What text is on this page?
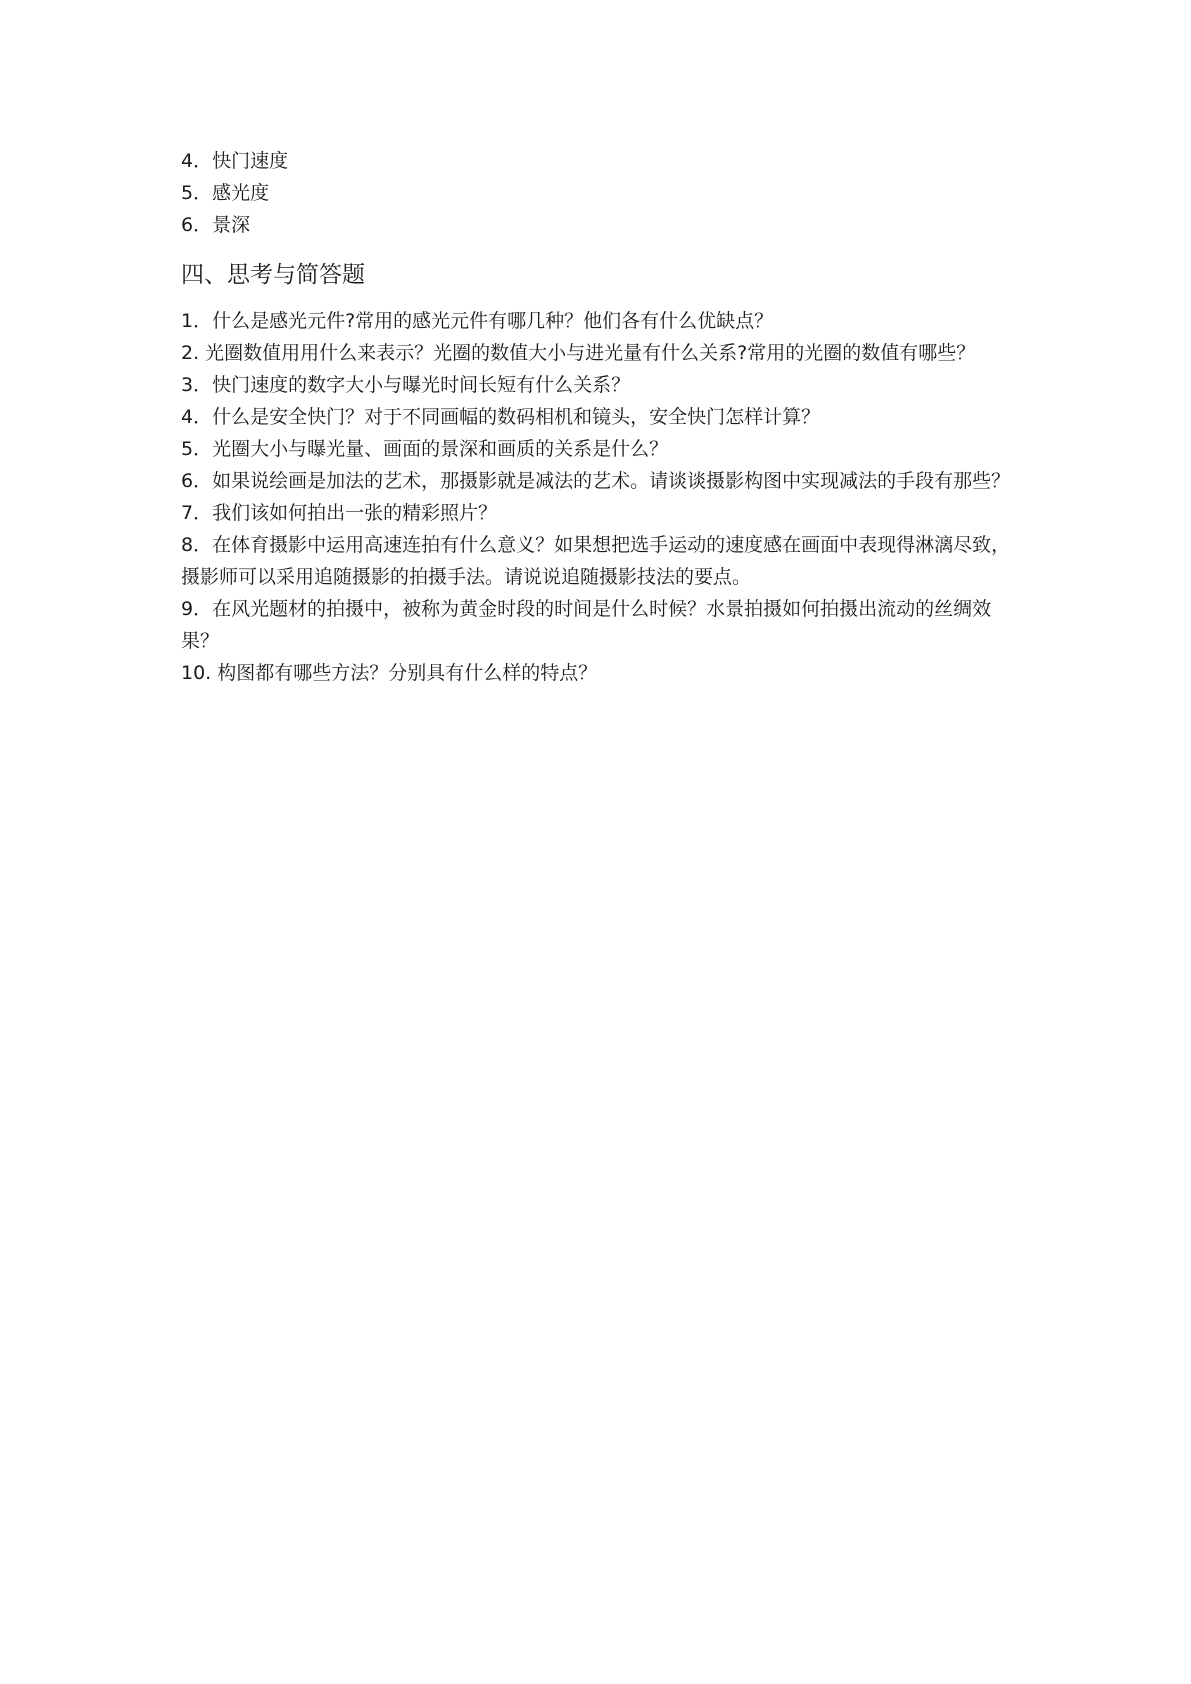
4．快门速度

5．感光度

6．景深

四、思考与简答题

1．什么是感光元件?常用的感光元件有哪几种？他们各有什么优缺点？

2. 光圈数值用用什么来表示？光圈的数值大小与进光量有什么关系?常用的光圈的数值有哪些？

3．快门速度的数字大小与曝光时间长短有什么关系？

4．什么是安全快门？对于不同画幅的数码相机和镜头，安全快门怎样计算？

5．光圈大小与曝光量、画面的景深和画质的关系是什么？

6．如果说绘画是加法的艺术，那摄影就是减法的艺术。请谈谈摄影构图中实现减法的手段有那些？

7．我们该如何拍出一张的精彩照片？

8．在体育摄影中运用高速连拍有什么意义？如果想把选手运动的速度感在画面中表现得淋漓尽致，摄影师可以采用追随摄影的拍摄手法。请说说追随摄影技法的要点。

9．在风光题材的拍摄中，被称为黄金时段的时间是什么时候？水景拍摄如何拍摄出流动的丝绸效果？

10. 构图都有哪些方法？分别具有什么样的特点？
